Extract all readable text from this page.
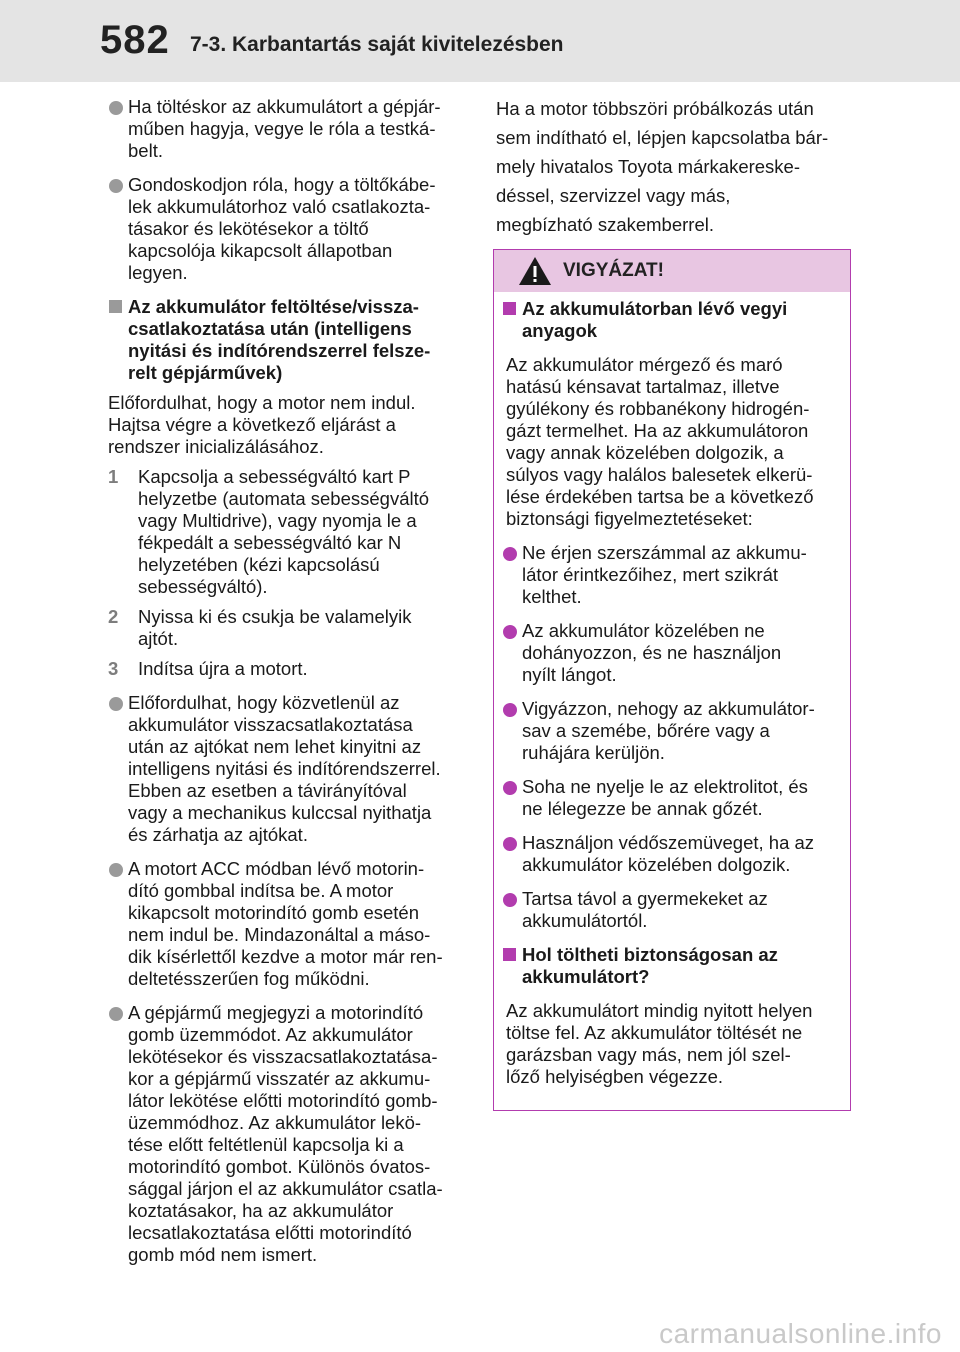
582 7-3. Karbantartás saját kivitelezésben
Ha töltéskor az akkumulátort a gépjár-
műben hagyja, vegye le róla a testká-
belt.
Gondoskodjon róla, hogy a töltőkábe-
lek akkumulátorhoz való csatlakozta-
tásakor és lekötésekor a töltő
kapcsolója kikapcsolt állapotban
legyen.
Az akkumulátor feltöltése/vissza-
csatlakoztatása után (intelligens
nyitási és indítórendszerrel felsze-
relt gépjárművek)
Előfordulhat, hogy a motor nem indul.
Hajtsa végre a következő eljárást a
rendszer inicializálásához.
1 Kapcsolja a sebességváltó kart P
helyzetbe (automata sebességváltó
vagy Multidrive), vagy nyomja le a
fékpedált a sebességváltó kar N
helyzetében (kézi kapcsolású
sebességváltó).
2 Nyissa ki és csukja be valamelyik
ajtót.
3 Indítsa újra a motort.
Előfordulhat, hogy közvetlenül az
akkumulátor visszacsatlakoztatása
után az ajtókat nem lehet kinyitni az
intelligens nyitási és indítórendszerrel.
Ebben az esetben a távirányítóval
vagy a mechanikus kulccsal nyithatja
és zárhatja az ajtókat.
A motort ACC módban lévő motorin-
dító gombbal indítsa be. A motor
kikapcsolt motorindító gomb esetén
nem indul be. Mindazonáltal a máso-
dik kísérlettől kezdve a motor már ren-
deltetésszerűen fog működni.
A gépjármű megjegyzi a motorindító
gomb üzemmódot. Az akkumulátor
lekötésekor és visszacsatlakoztatása-
kor a gépjármű visszatér az akkumu-
látor lekötése előtti motorindító gomb-
üzemmódhoz. Az akkumulátor lekö-
tése előtt feltétlenül kapcsolja ki a
motorindító gombot. Különös óvatos-
sággal járjon el az akkumulátor csatla-
koztatásakor, ha az akkumulátor
lecsatlakoztatása előtti motorindító
gomb mód nem ismert.
Ha a motor többszöri próbálkozás után
sem indítható el, lépjen kapcsolatba bár-
mely hivatalos Toyota márkakereske-
déssel, szervizzel vagy más,
megbízható szakemberrel.
VIGYÁZAT!
Az akkumulátorban lévő vegyi
anyagok
Az akkumulátor mérgező és maró
hatású kénsavat tartalmaz, illetve
gyúlékony és robbanékony hidrogén-
gázt termelhet. Ha az akkumulátoron
vagy annak közelében dolgozik, a
súlyos vagy halálos balesetek elkerü-
lése érdekében tartsa be a következő
biztonsági figyelmeztetéseket:
Ne érjen szerszámmal az akkumu-
látor érintkezőihez, mert szikrát
kelthet.
Az akkumulátor közelében ne
dohányozzon, és ne használjon
nyílt lángot.
Vigyázzon, nehogy az akkumulátor-
sav a szemébe, bőrére vagy a
ruhájára kerüljön.
Soha ne nyelje le az elektrolitot, és
ne lélegezze be annak gőzét.
Használjon védőszemüveget, ha az
akkumulátor közelében dolgozik.
Tartsa távol a gyermekeket az
akkumulátortól.
Hol töltheti biztonságosan az
akkumulátort?
Az akkumulátort mindig nyitott helyen
töltse fel. Az akkumulátor töltését ne
garázsban vagy más, nem jól szel-
lőző helyiségben végezze.
carmanualsonline.info
